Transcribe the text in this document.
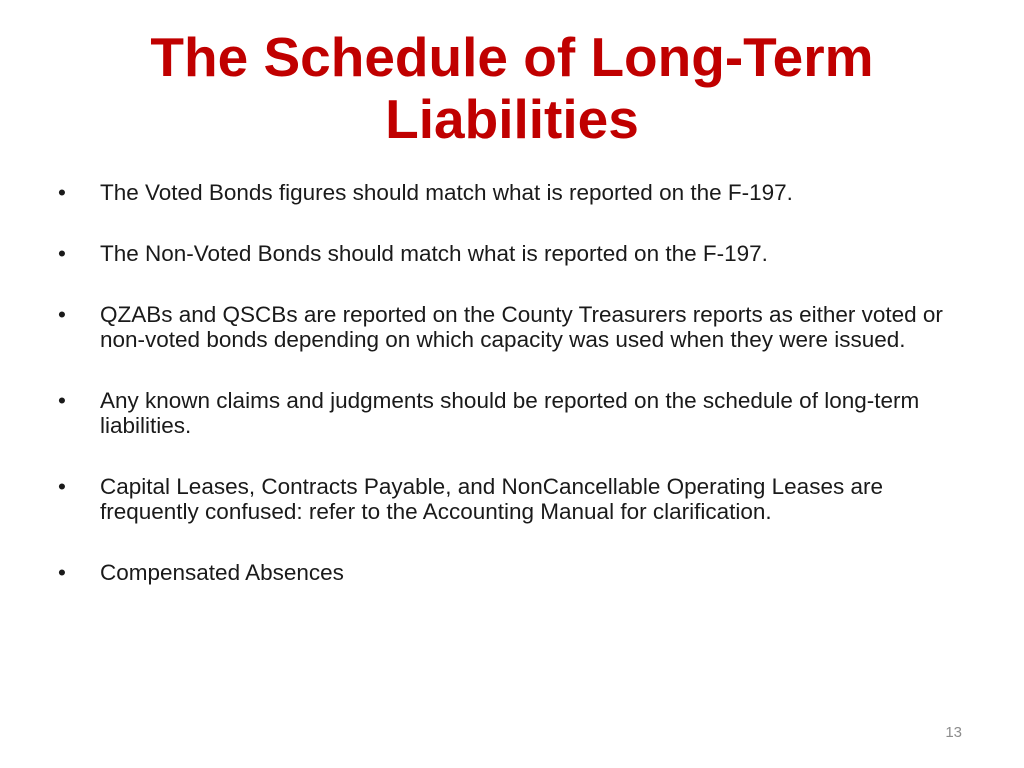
The Schedule of Long-Term
Liabilities
•	The Voted Bonds figures should match what is reported on the F-197.
•	The Non-Voted Bonds should match what is reported on the F-197.
•	QZABs and QSCBs are reported on the County Treasurers reports as either voted or non-voted bonds depending on which capacity was used when they were issued.
•	Any known claims and judgments should be reported on the schedule of long-term liabilities.
•	Capital Leases, Contracts Payable, and NonCancellable Operating Leases are frequently confused: refer to the Accounting Manual for clarification.
•	Compensated Absences
13
